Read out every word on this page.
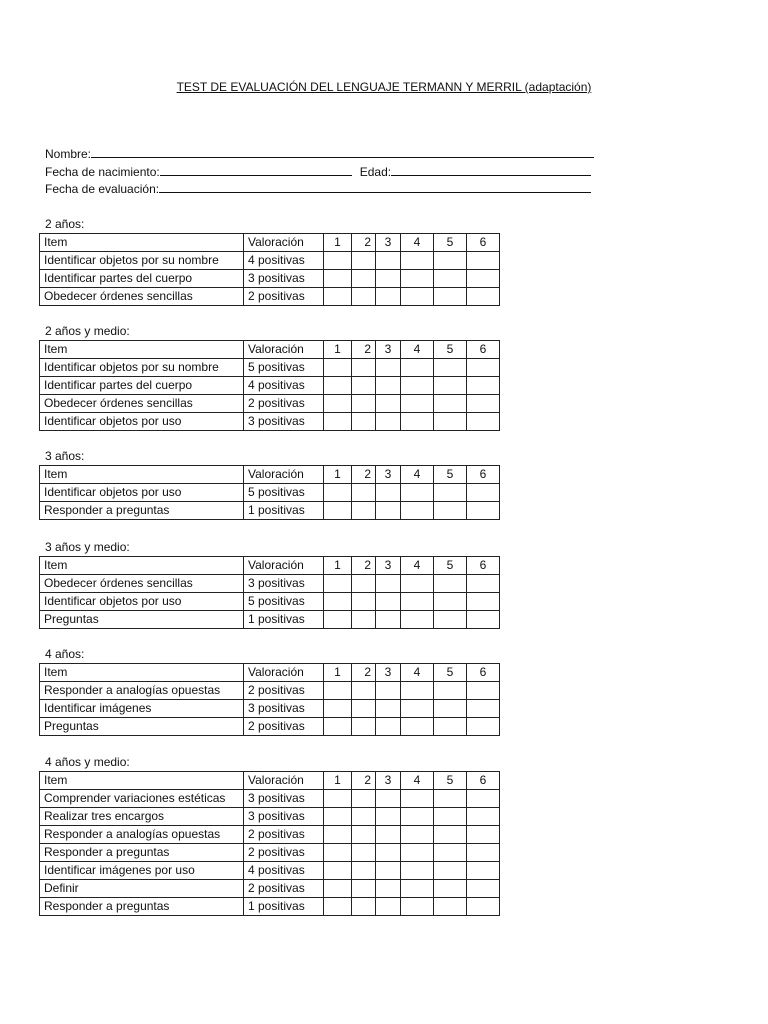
TEST DE EVALUACIÓN DEL LENGUAJE TERMANN Y MERRIL (adaptación)
Nombre:
Fecha de nacimiento:	Edad:
Fecha de evaluación:
2 años:
Item	Valoración	1	2	3	4	5	6
Identificar objetos por su nombre	4 positivas						
Identificar partes del cuerpo	3 positivas						
Obedecer órdenes sencillas	2 positivas						
2 años y medio:
Item	Valoración	1	2	3	4	5	6
Identificar objetos por su nombre	5 positivas						
Identificar partes del cuerpo	4 positivas						
Obedecer órdenes sencillas	2 positivas						
Identificar objetos por uso	3 positivas						
3 años:
Item	Valoración	1	2	3	4	5	6
Identificar objetos por uso	5 positivas						
Responder a preguntas	1 positivas						
3 años y medio:
Item	Valoración	1	2	3	4	5	6
Obedecer órdenes sencillas	3 positivas						
Identificar objetos por uso	5 positivas						
Preguntas	1 positivas						
4 años:
Item	Valoración	1	2	3	4	5	6
Responder a analogías opuestas	2 positivas						
Identificar imágenes	3 positivas						
Preguntas	2 positivas						
4 años y medio:
Item	Valoración	1	2	3	4	5	6
Comprender variaciones estéticas	3 positivas						
Realizar tres encargos	3 positivas						
Responder a analogías opuestas	2 positivas						
Responder a preguntas	2 positivas						
Identificar imágenes por uso	4 positivas						
Definir	2 positivas						
Responder a preguntas	1 positivas						
